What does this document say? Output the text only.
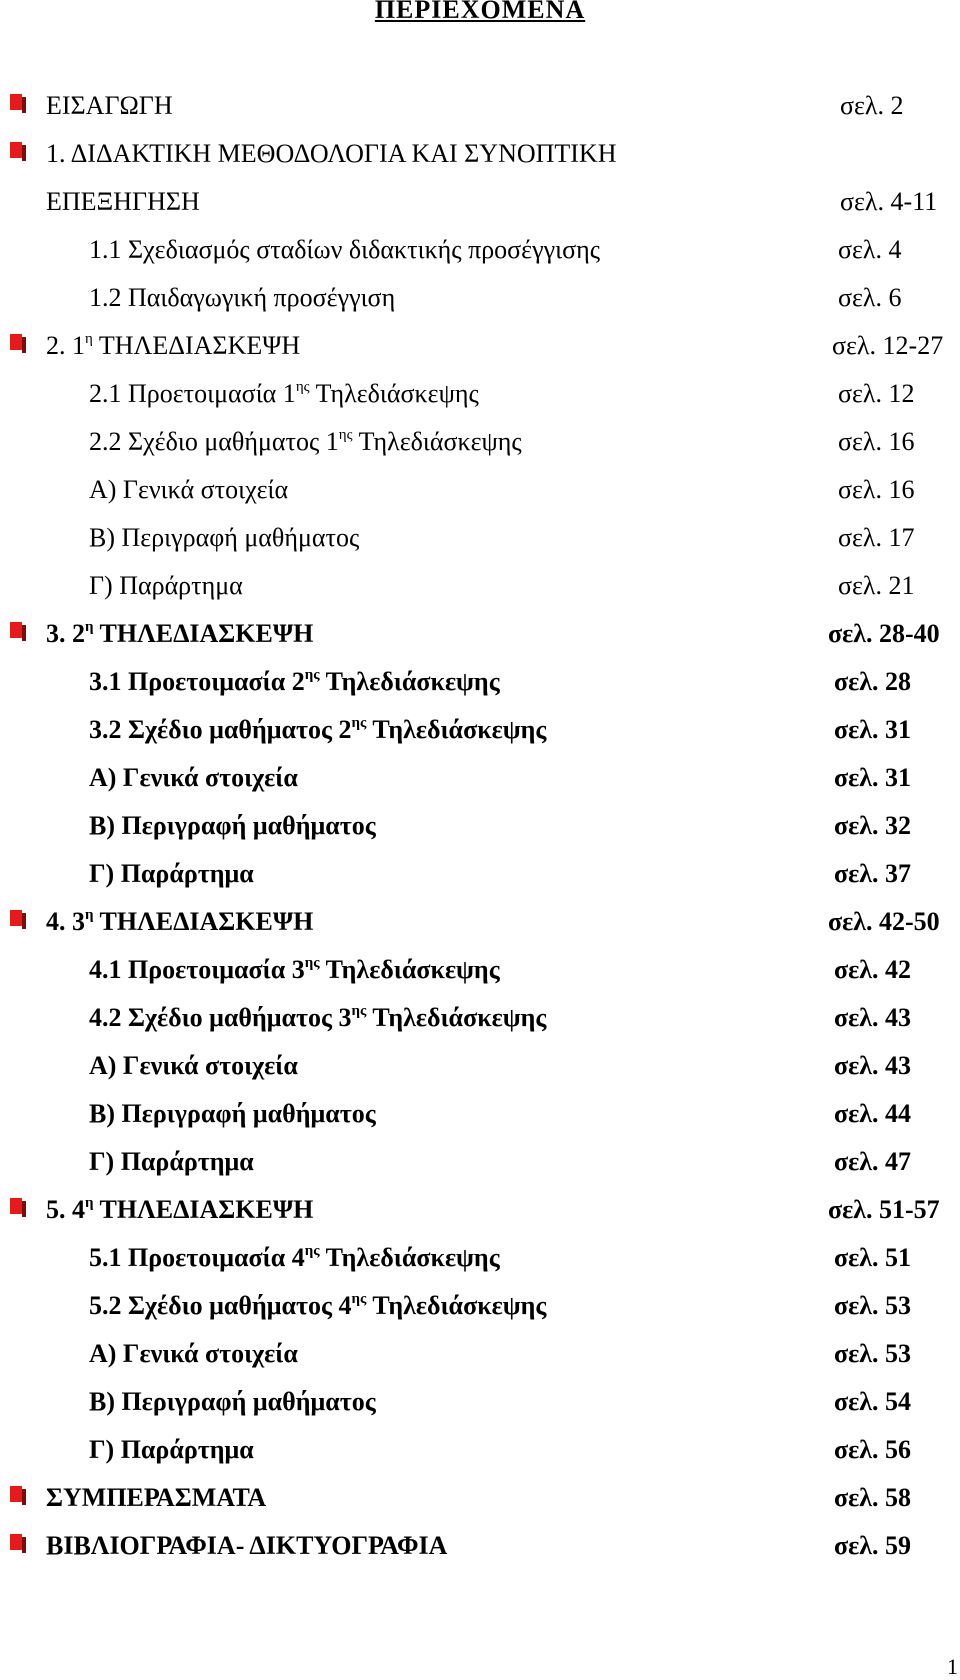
ΠΕΡΙΕΧΟΜΕΝΑ
ΕΙΣΑΓΩΓΗ	σελ. 2
1. ΔΙΔΑΚΤΙΚΗ ΜΕΘΟΔΟΛΟΓΙΑ ΚΑΙ ΣΥΝΟΠΤΙΚΗ
ΕΠΕΞΗΓΗΣΗ	σελ. 4-11
1.1 Σχεδιασμός σταδίων διδακτικής προσέγγισης	σελ. 4
1.2 Παιδαγωγική προσέγγιση	σελ. 6
2. $1^\eta$ ΤΗΛΕΔΙΑΣΚΕΨΗ	σελ. 12-27
2.1 Προετοιμασία $1^{\eta\varsigma}$ Τηλεδιάσκεψης	σελ. 12
2.2 Σχέδιο μαθήματος $1^{\eta\varsigma}$ Τηλεδιάσκεψης	σελ. 16
Α) Γενικά στοιχεία	σελ. 16
Β) Περιγραφή μαθήματος	σελ. 17
Γ) Παράρτημα	σελ. 21
3. $2^\eta$ ΤΗΛΕΔΙΑΣΚΕΨΗ	σελ. 28-40
3.1 Προετοιμασία $2^{\eta\varsigma}$ Τηλεδιάσκεψης	σελ. 28
3.2 Σχέδιο μαθήματος $2^{\eta\varsigma}$ Τηλεδιάσκεψης	σελ. 31
Α) Γενικά στοιχεία	σελ. 31
Β) Περιγραφή μαθήματος	σελ. 32
Γ) Παράρτημα	σελ. 37
4. $3^\eta$ ΤΗΛΕΔΙΑΣΚΕΨΗ	σελ. 42-50
4.1 Προετοιμασία $3^{\eta\varsigma}$ Τηλεδιάσκεψης	σελ. 42
4.2 Σχέδιο μαθήματος $3^{\eta\varsigma}$ Τηλεδιάσκεψης	σελ. 43
Α) Γενικά στοιχεία	σελ. 43
Β) Περιγραφή μαθήματος	σελ. 44
Γ) Παράρτημα	σελ. 47
5. $4^\eta$ ΤΗΛΕΔΙΑΣΚΕΨΗ	σελ. 51-57
5.1 Προετοιμασία $4^{\eta\varsigma}$ Τηλεδιάσκεψης	σελ. 51
5.2 Σχέδιο μαθήματος $4^{\eta\varsigma}$ Τηλεδιάσκεψης	σελ. 53
Α) Γενικά στοιχεία	σελ. 53
Β) Περιγραφή μαθήματος	σελ. 54
Γ) Παράρτημα	σελ. 56
ΣΥΜΠΕΡΑΣΜΑΤΑ	σελ. 58
ΒΙΒΛΙΟΓΡΑΦΙΑ- ΔΙΚΤΥΟΓΡΑΦΙΑ	σελ. 59
1
